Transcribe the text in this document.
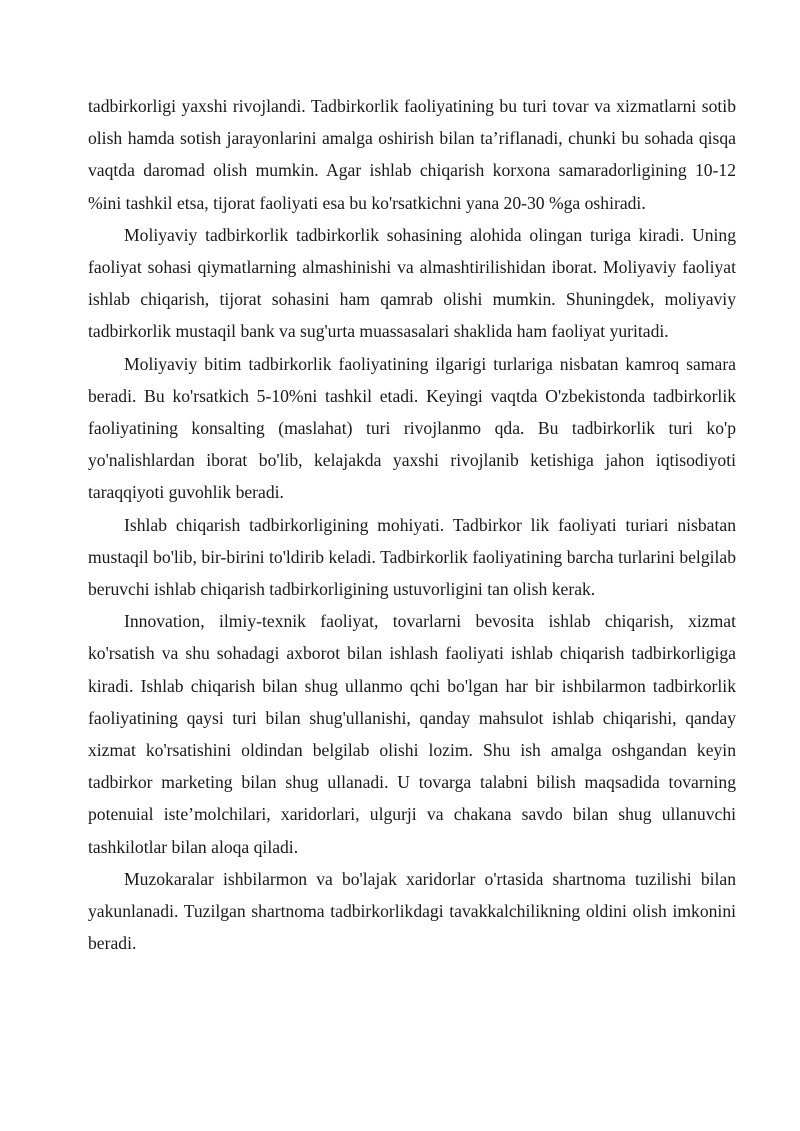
tadbirkorligi yaxshi rivojlandi. Tadbirkorlik faoliyatining bu turi tovar va xizmatlarni sotib olish hamda sotish jarayonlarini amalga oshirish bilan ta’riflanadi, chunki bu sohada qisqa vaqtda daromad olish mumkin. Agar ishlab chiqarish korxona samaradorligining 10-12 %ini tashkil etsa, tijorat faoliyati esa bu ko'rsatkichni yana 20-30 %ga oshiradi.

Moliyaviy tadbirkorlik tadbirkorlik sohasining alohida olingan turiga kiradi. Uning faoliyat sohasi qiymatlarning almashinishi va almashtirilishidan iborat. Moliyaviy faoliyat ishlab chiqarish, tijorat sohasini ham qamrab olishi mumkin. Shuningdek, moliyaviy tadbirkorlik mustaqil bank va sug'urta muassasalari shaklida ham faoliyat yuritadi.

Moliyaviy bitim tadbirkorlik faoliyatining ilgarigi turlariga nisbatan kamroq samara beradi. Bu ko'rsatkich 5-10%ni tashkil etadi. Keyingi vaqtda O'zbekistonda tadbirkorlik faoliyatining konsalting (maslahat) turi rivojlanmo qda. Bu tadbirkorlik turi ko'p yo'nalishlardan iborat bo'lib, kelajakda yaxshi rivojlanib ketishiga jahon iqtisodiyoti taraqqiyoti guvohlik beradi.

Ishlab chiqarish tadbirkorligining mohiyati. Tadbirkor lik faoliyati turiari nisbatan mustaqil bo'lib, bir-birini to'ldirib keladi. Tadbirkorlik faoliyatining barcha turlarini belgilab beruvchi ishlab chiqarish tadbirkorligining ustuvorligini tan olish kerak.

Innovation, ilmiy-texnik faoliyat, tovarlarni bevosita ishlab chiqarish, xizmat ko'rsatish va shu sohadagi axborot bilan ishlash faoliyati ishlab chiqarish tadbirkorligiga kiradi. Ishlab chiqarish bilan shug ullanmo qchi bo'lgan har bir ishbilarmon tadbirkorlik faoliyatining qaysi turi bilan shug'ullanishi, qanday mahsulot ishlab chiqarishi, qanday xizmat ko'rsatishini oldindan belgilab olishi lozim. Shu ish amalga oshgandan keyin tadbirkor marketing bilan shug ullanadi. U tovarga talabni bilish maqsadida tovarning potenuial iste’molchilari, xaridorlari, ulgurji va chakana savdo bilan shug ullanuvchi tashkilotlar bilan aloqa qiladi.

Muzokaralar ishbilarmon va bo'lajak xaridorlar o'rtasida shartnoma tuzilishi bilan yakunlanadi. Tuzilgan shartnoma tadbirkorlikdagi tavakkalchilikning oldini olish imkonini beradi.
